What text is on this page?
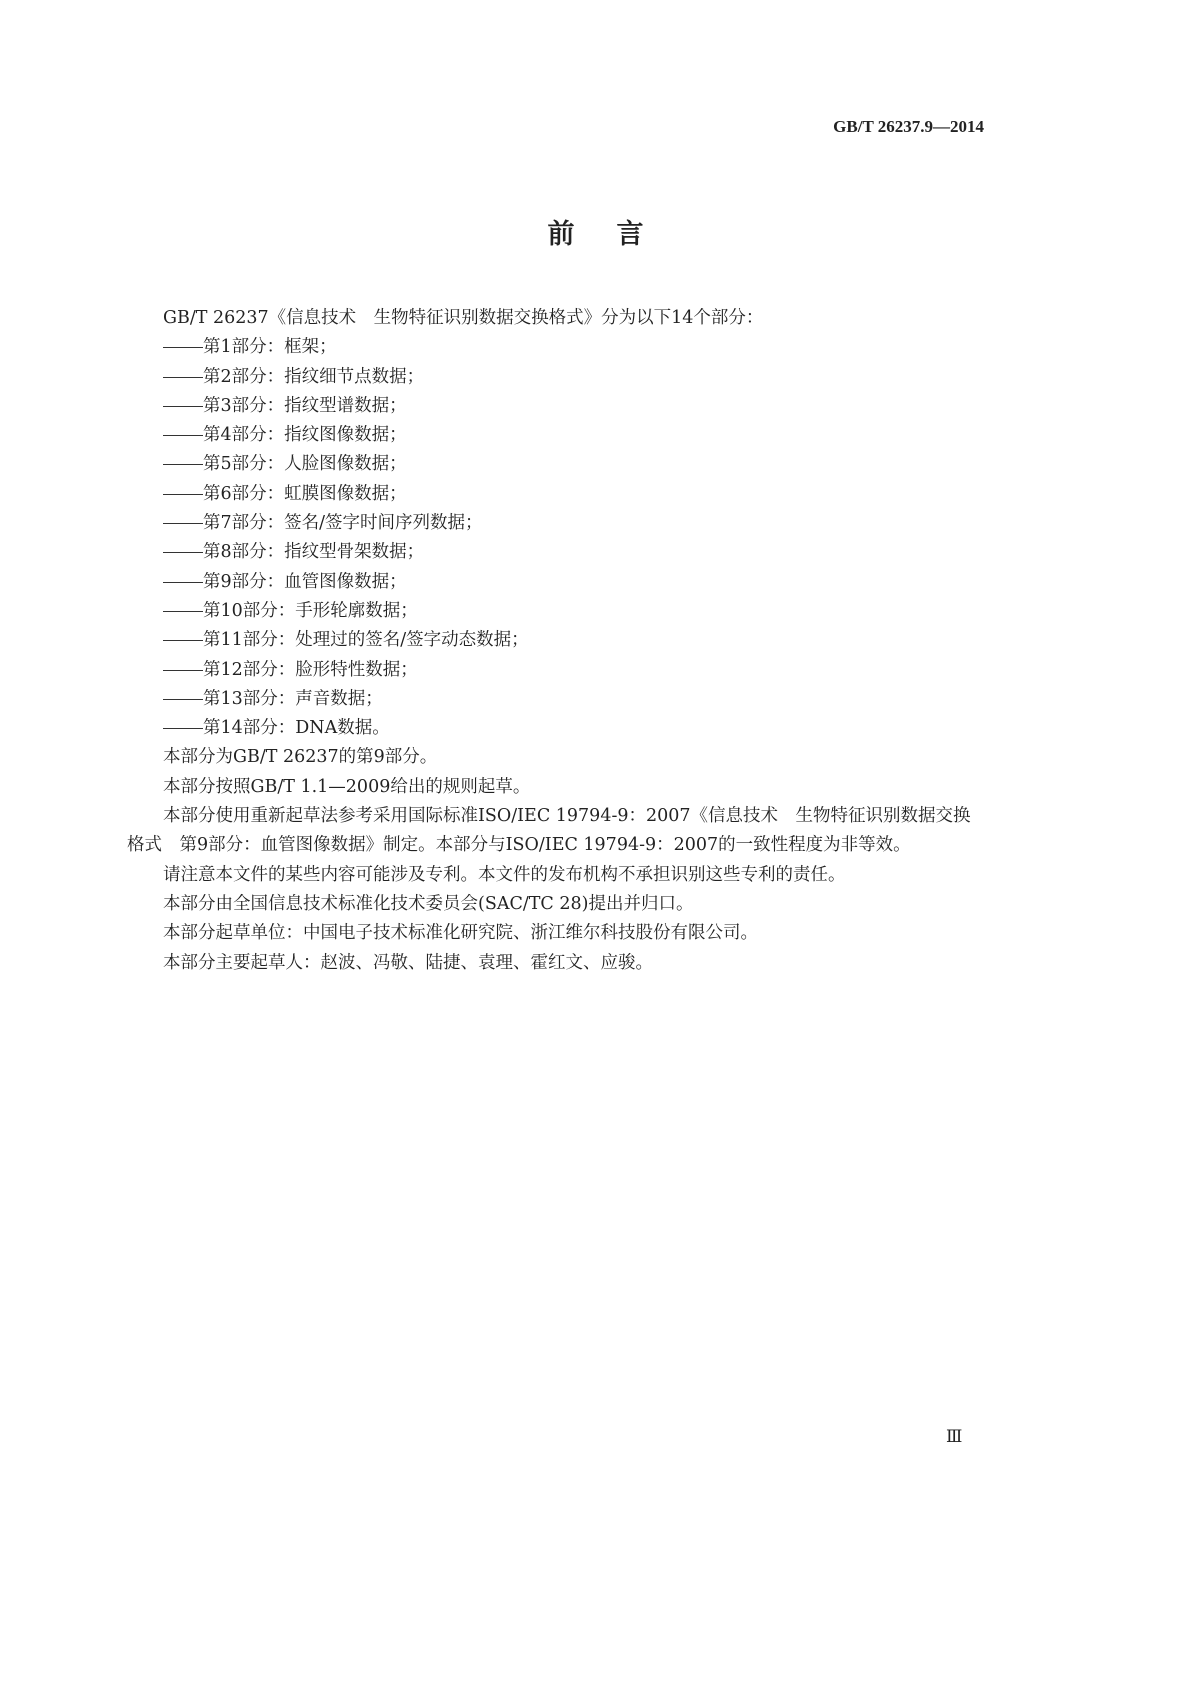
GB/T 26237.9—2014
前言

GB/T 26237《信息技术　生物特征识别数据交换格式》分为以下14个部分：

第1部分：框架；

第2部分：指纹细节点数据；

第3部分：指纹型谱数据；

第4部分：指纹图像数据；

第5部分：人脸图像数据；

第6部分：虹膜图像数据；

第7部分：签名/签字时间序列数据；

第8部分：指纹型骨架数据；

第9部分：血管图像数据；

第10部分：手形轮廓数据；

第11部分：处理过的签名/签字动态数据；

第12部分：脸形特性数据；

第13部分：声音数据；

第14部分：DNA数据。

本部分为GB/T 26237的第9部分。

本部分按照GB/T 1.1—2009给出的规则起草。

本部分使用重新起草法参考采用国际标准ISO/IEC 19794-9：2007《信息技术　生物特征识别数据交换格式　第9部分：血管图像数据》制定。本部分与ISO/IEC 19794-9：2007的一致性程度为非等效。

请注意本文件的某些内容可能涉及专利。本文件的发布机构不承担识别这些专利的责任。

本部分由全国信息技术标准化技术委员会(SAC/TC 28)提出并归口。

本部分起草单位：中国电子技术标准化研究院、浙江维尔科技股份有限公司。

本部分主要起草人：赵波、冯敬、陆捷、袁理、霍红文、应骏。

Ⅲ
